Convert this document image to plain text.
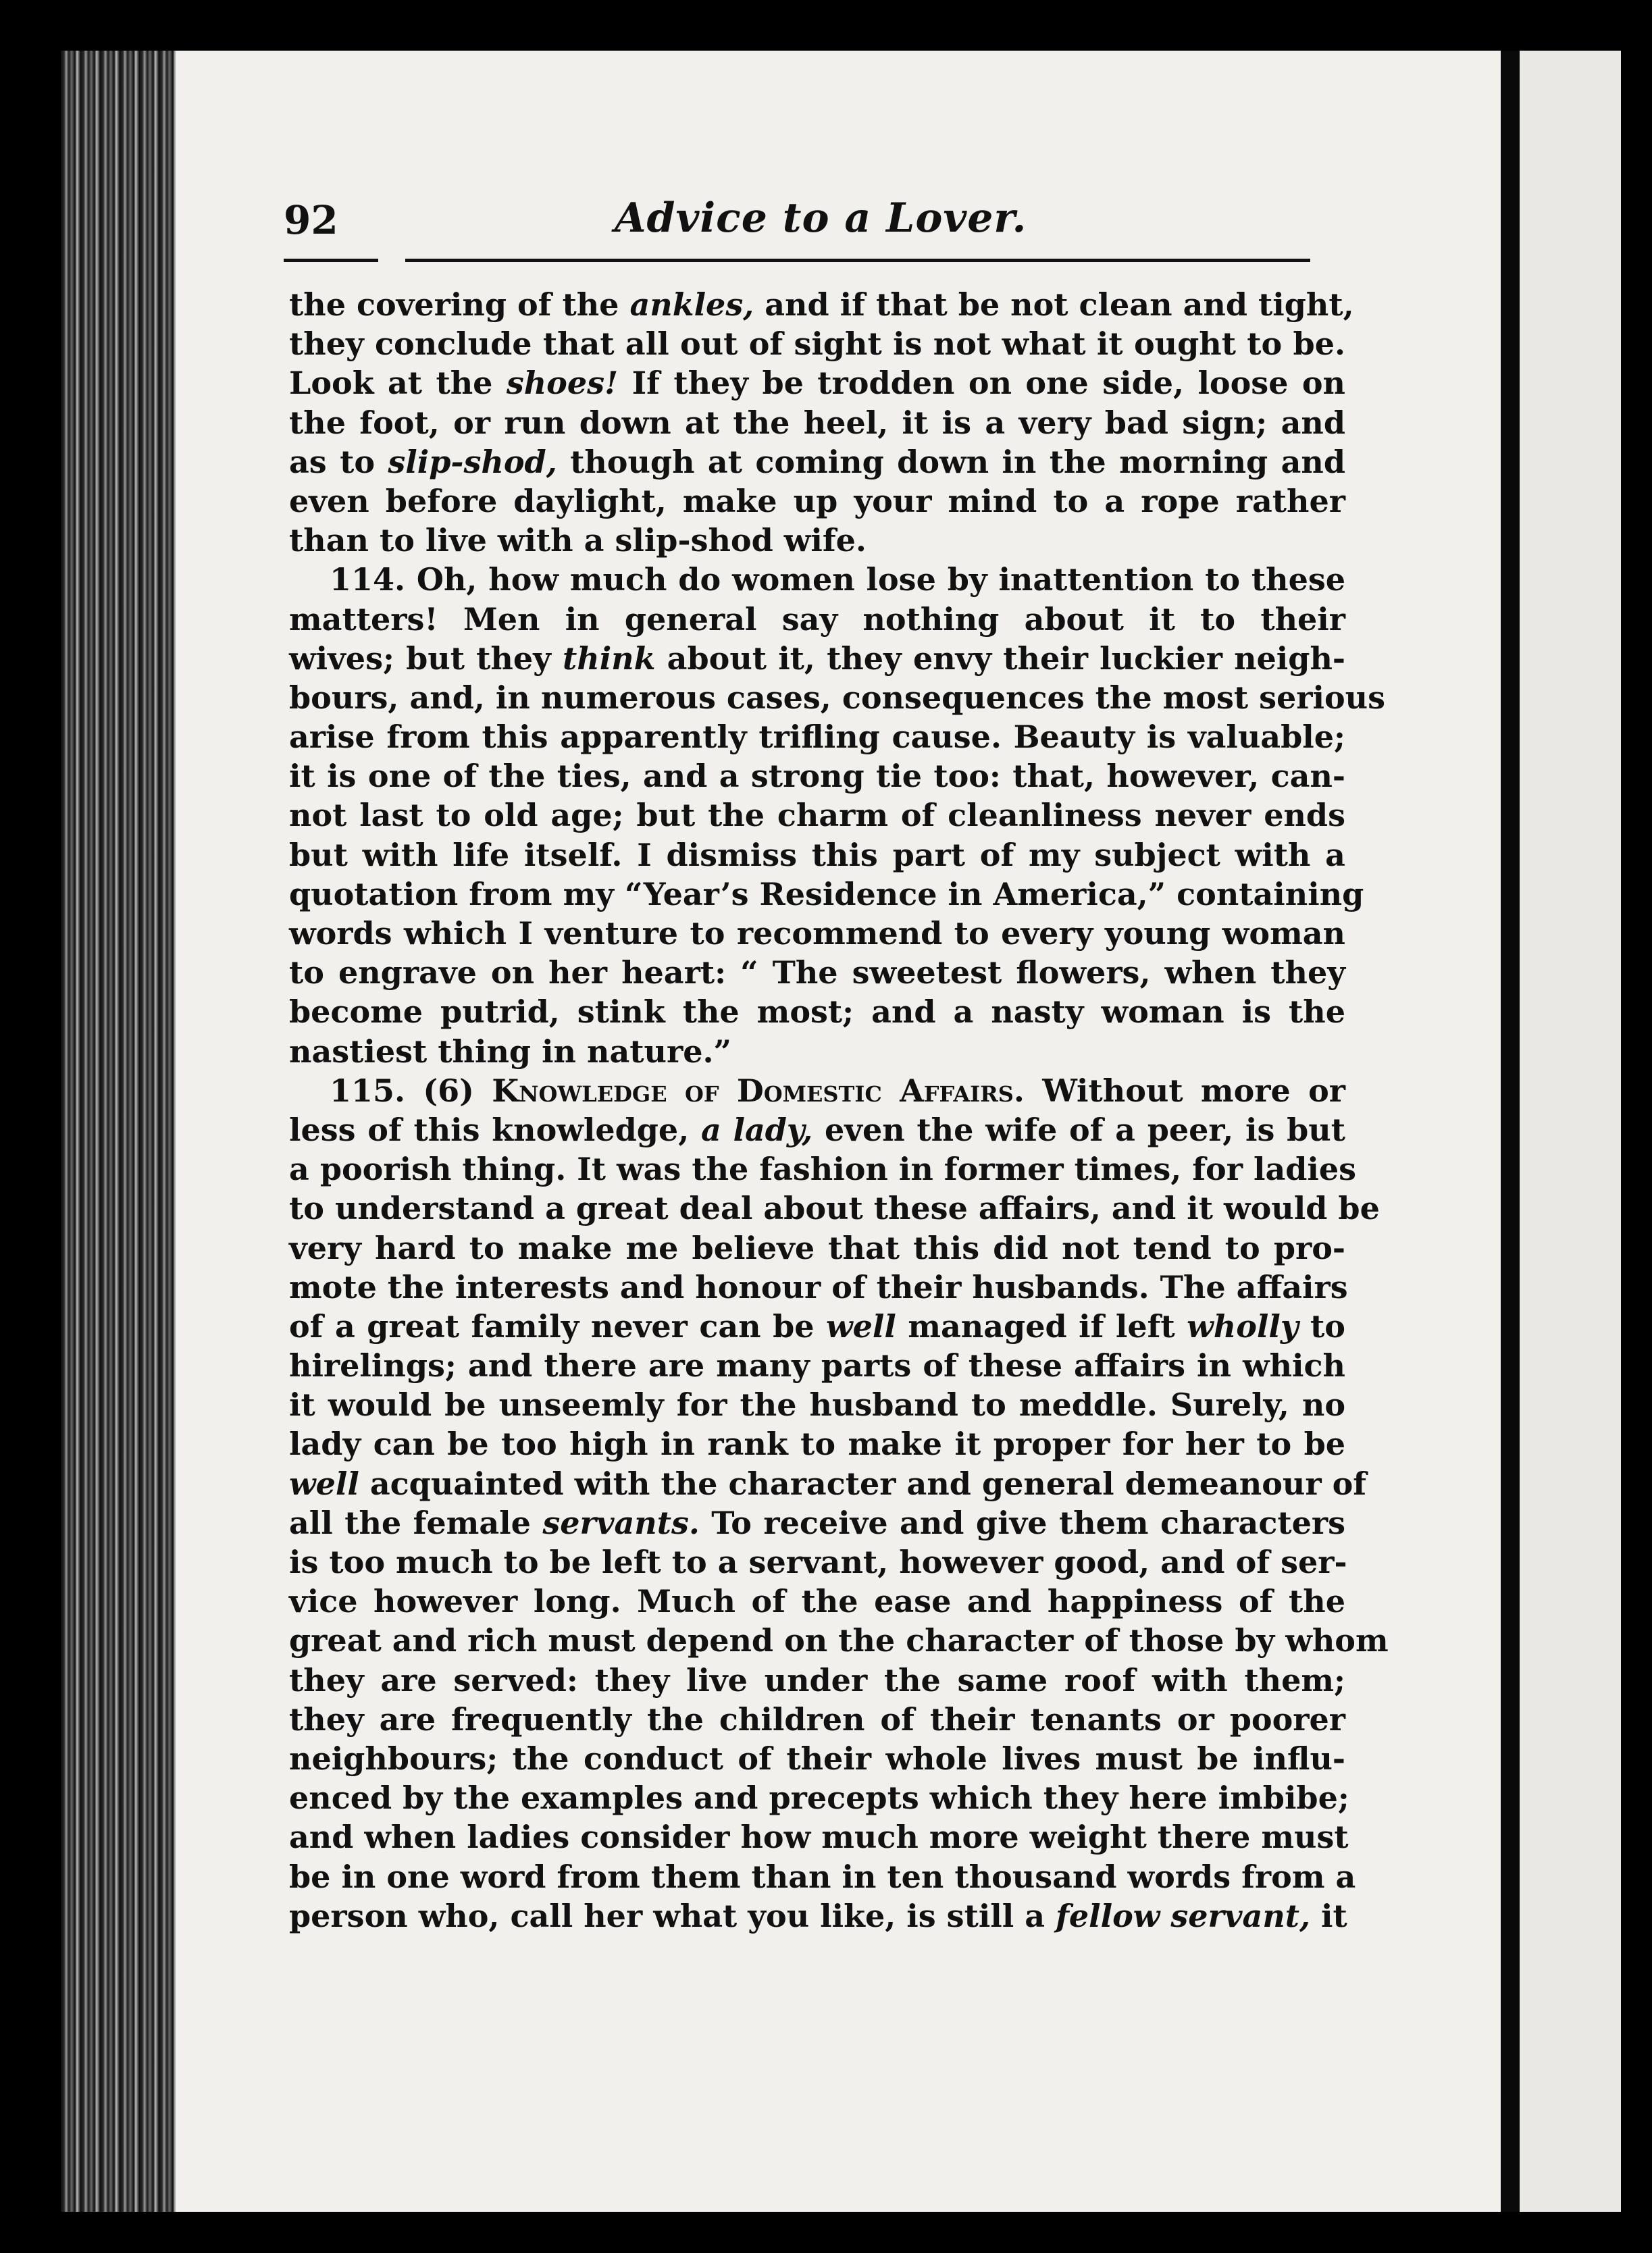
92	Advice to a Lover.
the covering of the ankles, and if that be not clean and tight,
they conclude that all out of sight is not what it ought to be.
Look at the shoes! If they be trodden on one side, loose on
the foot, or run down at the heel, it is a very bad sign; and
as to slip-shod, though at coming down in the morning and
even before daylight, make up your mind to a rope rather
than to live with a slip-shod wife.
114. Oh, how much do women lose by inattention to these
matters! Men in general say nothing about it to their
wives; but they think about it, they envy their luckier neigh-
bours, and, in numerous cases, consequences the most serious
arise from this apparently trifling cause. Beauty is valuable;
it is one of the ties, and a strong tie too: that, however, can-
not last to old age; but the charm of cleanliness never ends
but with life itself. I dismiss this part of my subject with a
quotation from my “Year’s Residence in America,” containing
words which I venture to recommend to every young woman
to engrave on her heart: “ The sweetest flowers, when they
become putrid, stink the most; and a nasty woman is the
nastiest thing in nature.”
115. (6) Knowledge of Domestic Affairs. Without more or
less of this knowledge, a lady, even the wife of a peer, is but
a poorish thing. It was the fashion in former times, for ladies
to understand a great deal about these affairs, and it would be
very hard to make me believe that this did not tend to pro-
mote the interests and honour of their husbands. The affairs
of a great family never can be well managed if left wholly to
hirelings; and there are many parts of these affairs in which
it would be unseemly for the husband to meddle. Surely, no
lady can be too high in rank to make it proper for her to be
well acquainted with the character and general demeanour of
all the female servants. To receive and give them characters
is too much to be left to a servant, however good, and of ser-
vice however long. Much of the ease and happiness of the
great and rich must depend on the character of those by whom
they are served: they live under the same roof with them;
they are frequently the children of their tenants or poorer
neighbours; the conduct of their whole lives must be influ-
enced by the examples and precepts which they here imbibe;
and when ladies consider how much more weight there must
be in one word from them than in ten thousand words from a
person who, call her what you like, is still a fellow servant, it
